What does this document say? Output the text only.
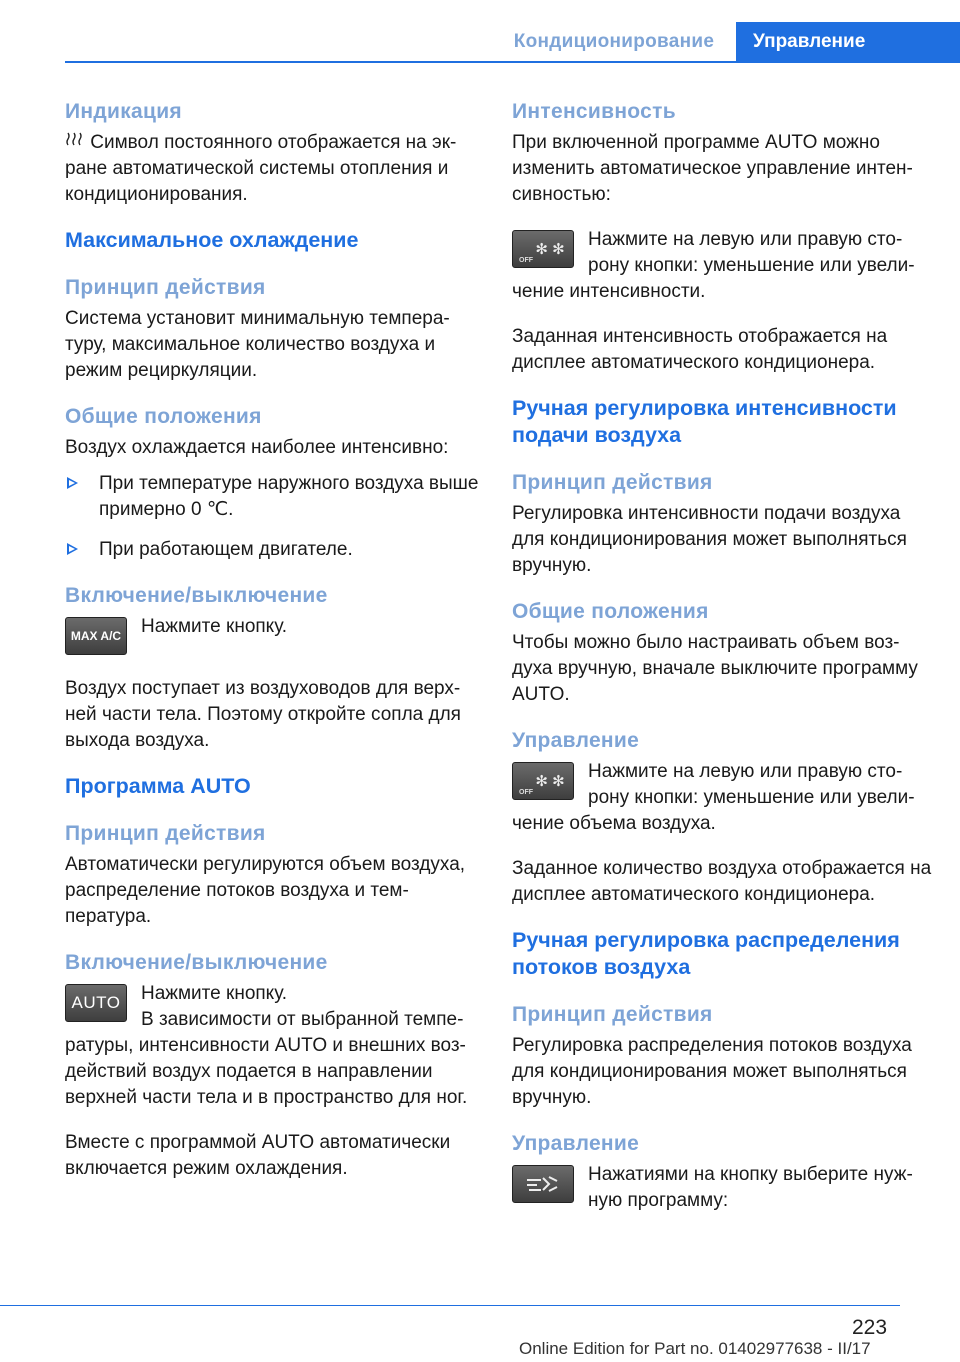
Кондиционирование	Управление
Индикация
Символ постоянного отображается на экране автоматической системы отопления и кондиционирования.
Максимальное охлаждение
Принцип действия
Система установит минимальную температуру, максимальное количество воздуха и режим рециркуляции.
Общие положения
Воздух охлаждается наиболее интенсивно:
При температуре наружного воздуха выше примерно 0 ℃.
При работающем двигателе.
Включение/выключение
MAX A/C	Нажмите кнопку.
Воздух поступает из воздуховодов для верхней части тела. Поэтому откройте сопла для выхода воздуха.
Программа AUTO
Принцип действия
Автоматически регулируются объем воздуха, распределение потоков воздуха и температура.
Включение/выключение
AUTO	Нажмите кнопку.
В зависимости от выбранной температуры, интенсивности AUTO и внешних воздействий воздух подается в направлении верхней части тела и в пространство для ног.
Вместе с программой AUTO автоматически включается режим охлаждения.
Интенсивность
При включенной программе AUTO можно изменить автоматическое управление интенсивностью:
OFF
✻ ✻	Нажмите на левую или правую сторону кнопки: уменьшение или увеличение интенсивности.
Заданная интенсивность отображается на дисплее автоматического кондиционера.
Ручная регулировка интенсивности подачи воздуха
Принцип действия
Регулировка интенсивности подачи воздуха для кондиционирования может выполняться вручную.
Общие положения
Чтобы можно было настраивать объем воздуха вручную, вначале выключите программу AUTO.
Управление
OFF
✻ ✻	Нажмите на левую или правую сторону кнопки: уменьшение или увеличение объема воздуха.
Заданное количество воздуха отображается на дисплее автоматического кондиционера.
Ручная регулировка распределения потоков воздуха
Принцип действия
Регулировка распределения потоков воздуха для кондиционирования может выполняться вручную.
Управление
Нажатиями на кнопку выберите нужную программу:
223
Online Edition for Part no. 01402977638 - II/17
